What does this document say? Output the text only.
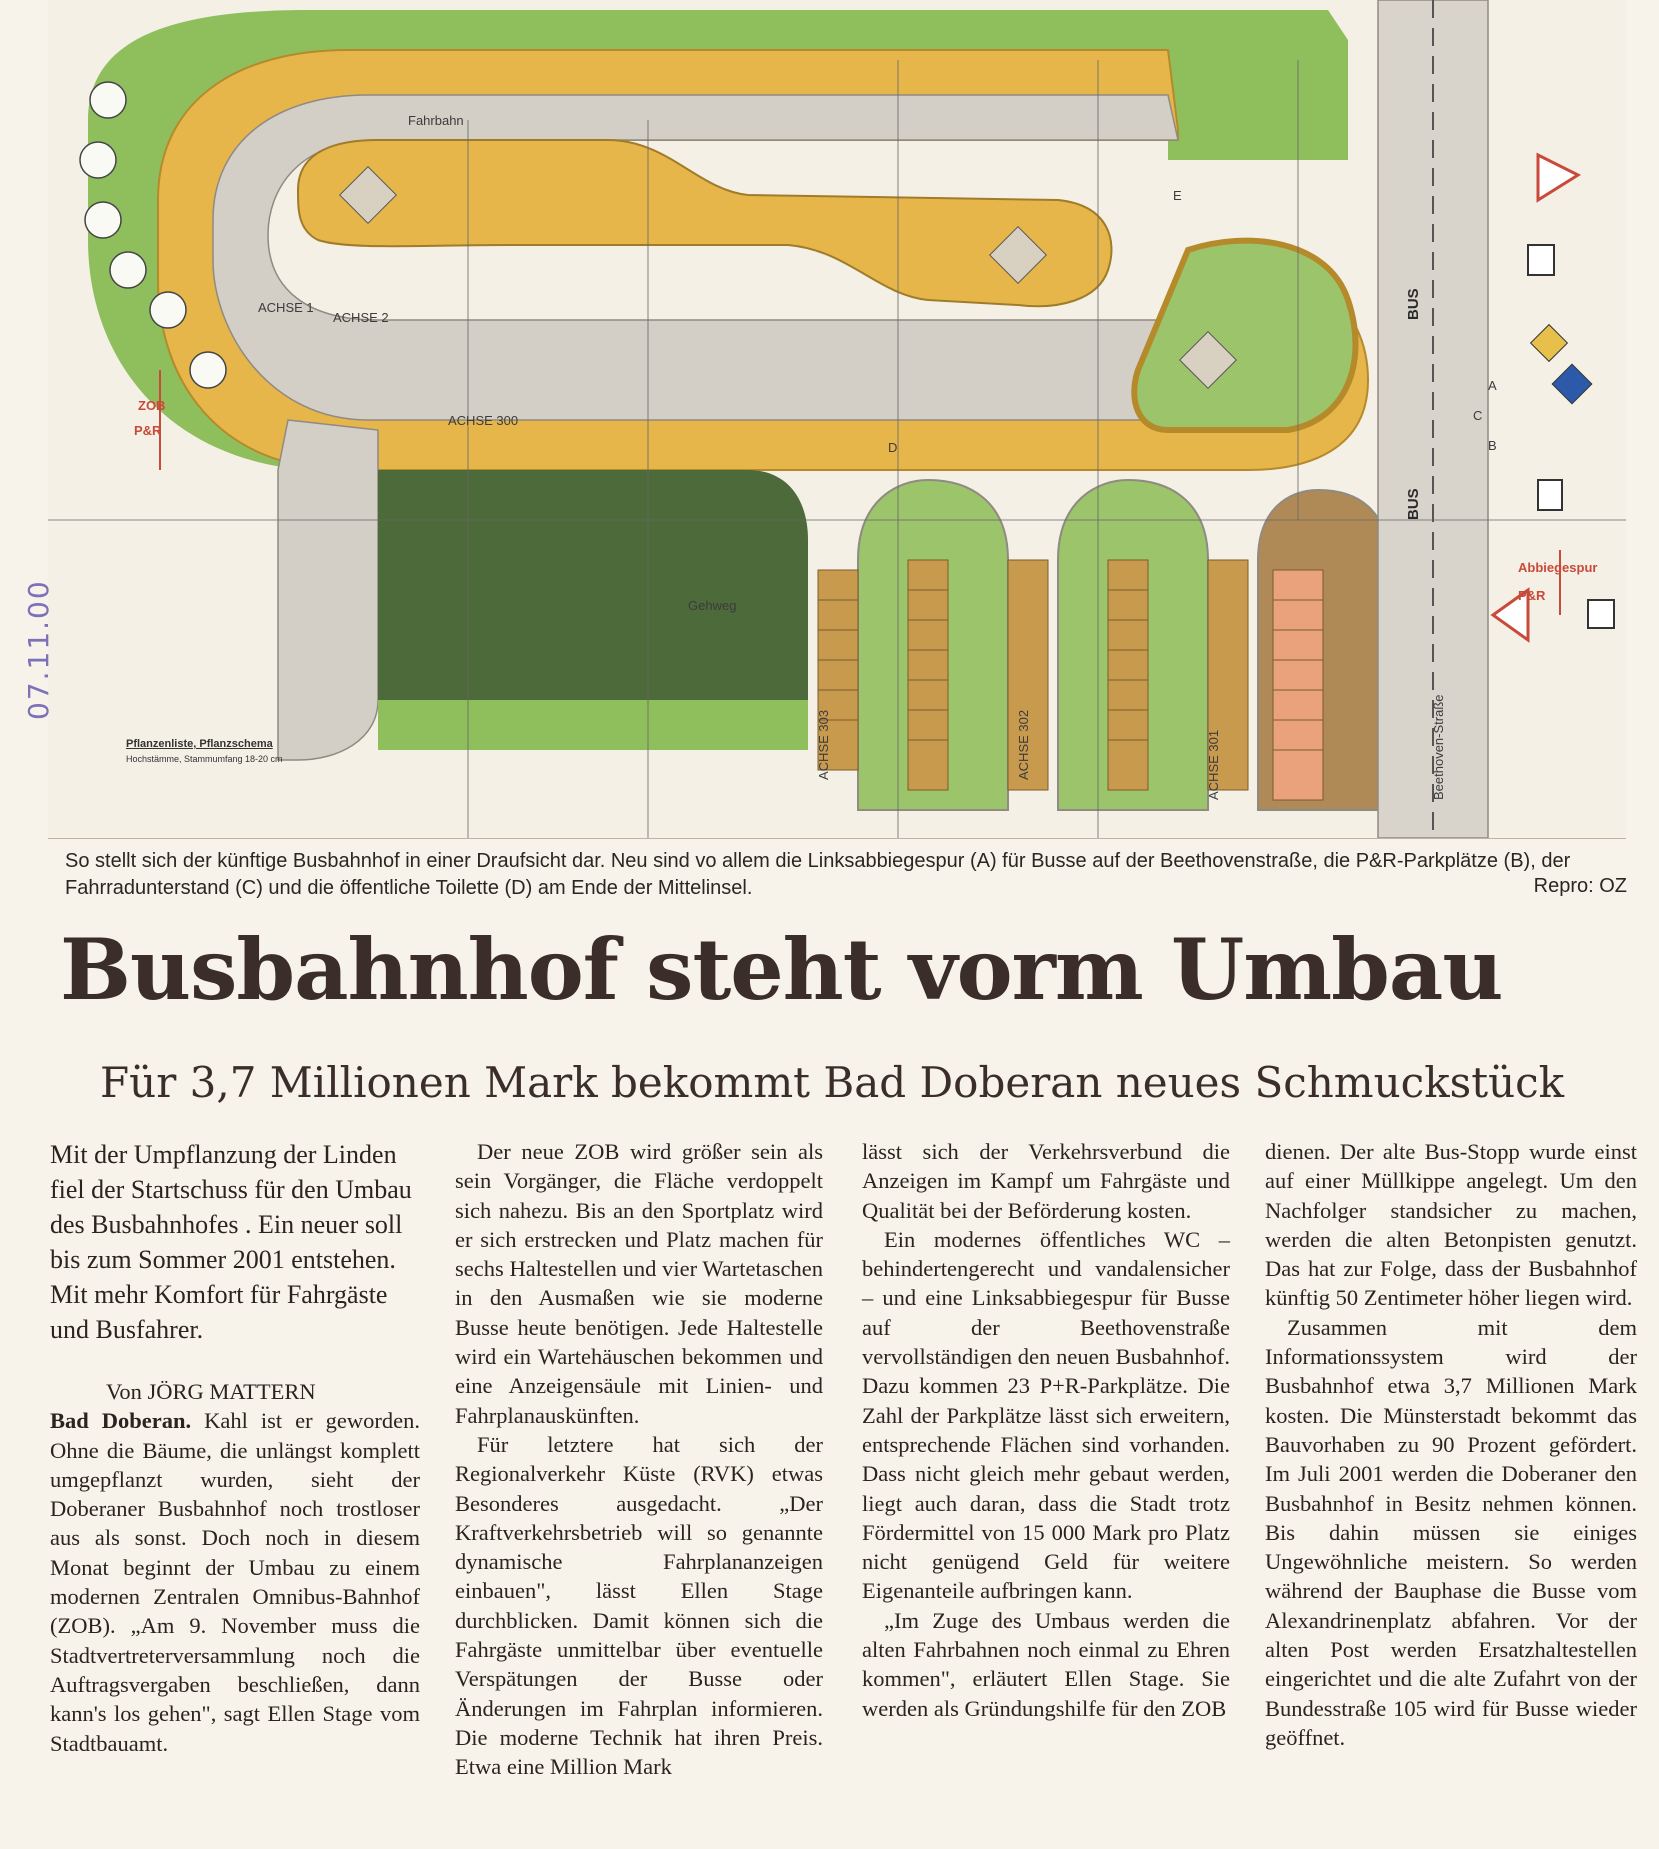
ACHSE 1
ACHSE 2
ACHSE 300
ACHSE 301
ACHSE 302
ACHSE 303
Fahrbahn
Gehweg
BUS
BUS
Beethoven-Straße
ZOB
P&R
Abbiegespur
P&R
A
B
C
D
E
Pflanzenliste, Pflanzschema
Hochstämme, Stammumfang 18-20 cm
07.11.00
So stellt sich der künftige Busbahnhof in einer Draufsicht dar. Neu sind vo allem die Linksabbiegespur (A) für Busse auf der Beethovenstraße, die P&R-Parkplätze (B), der Fahrradunterstand (C) und die öffentliche Toilette (D) am Ende der Mittelinsel.	Repro: OZ
Busbahnhof steht vorm Umbau
Für 3,7 Millionen Mark bekommt Bad Doberan neues Schmuckstück

Mit der Umpflanzung der Linden fiel der Startschuss für den Umbau des Busbahnhofes . Ein neuer soll bis zum Sommer 2001 entstehen. Mit mehr Komfort für Fahrgäste und Busfahrer.

Von JÖRG MATTERN

Bad Doberan. Kahl ist er geworden. Ohne die Bäume, die unlängst komplett umgepflanzt wurden, sieht der Doberaner Busbahnhof noch trostloser aus als sonst. Doch noch in diesem Monat beginnt der Umbau zu einem modernen Zentralen Omnibus-Bahnhof (ZOB). „Am 9. November muss die Stadtvertreterversammlung noch die Auftragsvergaben beschließen, dann kann's los gehen", sagt Ellen Stage vom Stadtbauamt.

Der neue ZOB wird größer sein als sein Vorgänger, die Fläche verdoppelt sich nahezu. Bis an den Sportplatz wird er sich erstrecken und Platz machen für sechs Haltestellen und vier Wartetaschen in den Ausmaßen wie sie moderne Busse heute benötigen. Jede Haltestelle wird ein Wartehäuschen bekommen und eine Anzeigensäule mit Linien- und Fahrplanauskünften.

Für letztere hat sich der Regionalverkehr Küste (RVK) etwas Besonderes ausgedacht. „Der Kraftverkehrsbetrieb will so genannte dynamische Fahrplananzeigen einbauen", lässt Ellen Stage durchblicken. Damit können sich die Fahrgäste unmittelbar über eventuelle Verspätungen der Busse oder Änderungen im Fahrplan informieren. Die moderne Technik hat ihren Preis. Etwa eine Million Mark

lässt sich der Verkehrsverbund die Anzeigen im Kampf um Fahrgäste und Qualität bei der Beförderung kosten.

Ein modernes öffentliches WC – behindertengerecht und vandalensicher – und eine Linksabbiegespur für Busse auf der Beethovenstraße vervollständigen den neuen Busbahnhof. Dazu kommen 23 P+R-Parkplätze. Die Zahl der Parkplätze lässt sich erweitern, entsprechende Flächen sind vorhanden. Dass nicht gleich mehr gebaut werden, liegt auch daran, dass die Stadt trotz Fördermittel von 15 000 Mark pro Platz nicht genügend Geld für weitere Eigenanteile aufbringen kann.

„Im Zuge des Umbaus werden die alten Fahrbahnen noch einmal zu Ehren kommen", erläutert Ellen Stage. Sie werden als Gründungshilfe für den ZOB

dienen. Der alte Bus-Stopp wurde einst auf einer Müllkippe angelegt. Um den Nachfolger standsicher zu machen, werden die alten Betonpisten genutzt. Das hat zur Folge, dass der Busbahnhof künftig 50 Zentimeter höher liegen wird.

Zusammen mit dem Informationssystem wird der Busbahnhof etwa 3,7 Millionen Mark kosten. Die Münsterstadt bekommt das Bauvorhaben zu 90 Prozent gefördert. Im Juli 2001 werden die Doberaner den Busbahnhof in Besitz nehmen können. Bis dahin müssen sie einiges Ungewöhnliche meistern. So werden während der Bauphase die Busse vom Alexandrinenplatz abfahren. Vor der alten Post werden Ersatzhaltestellen eingerichtet und die alte Zufahrt von der Bundesstraße 105 wird für Busse wieder geöffnet.
